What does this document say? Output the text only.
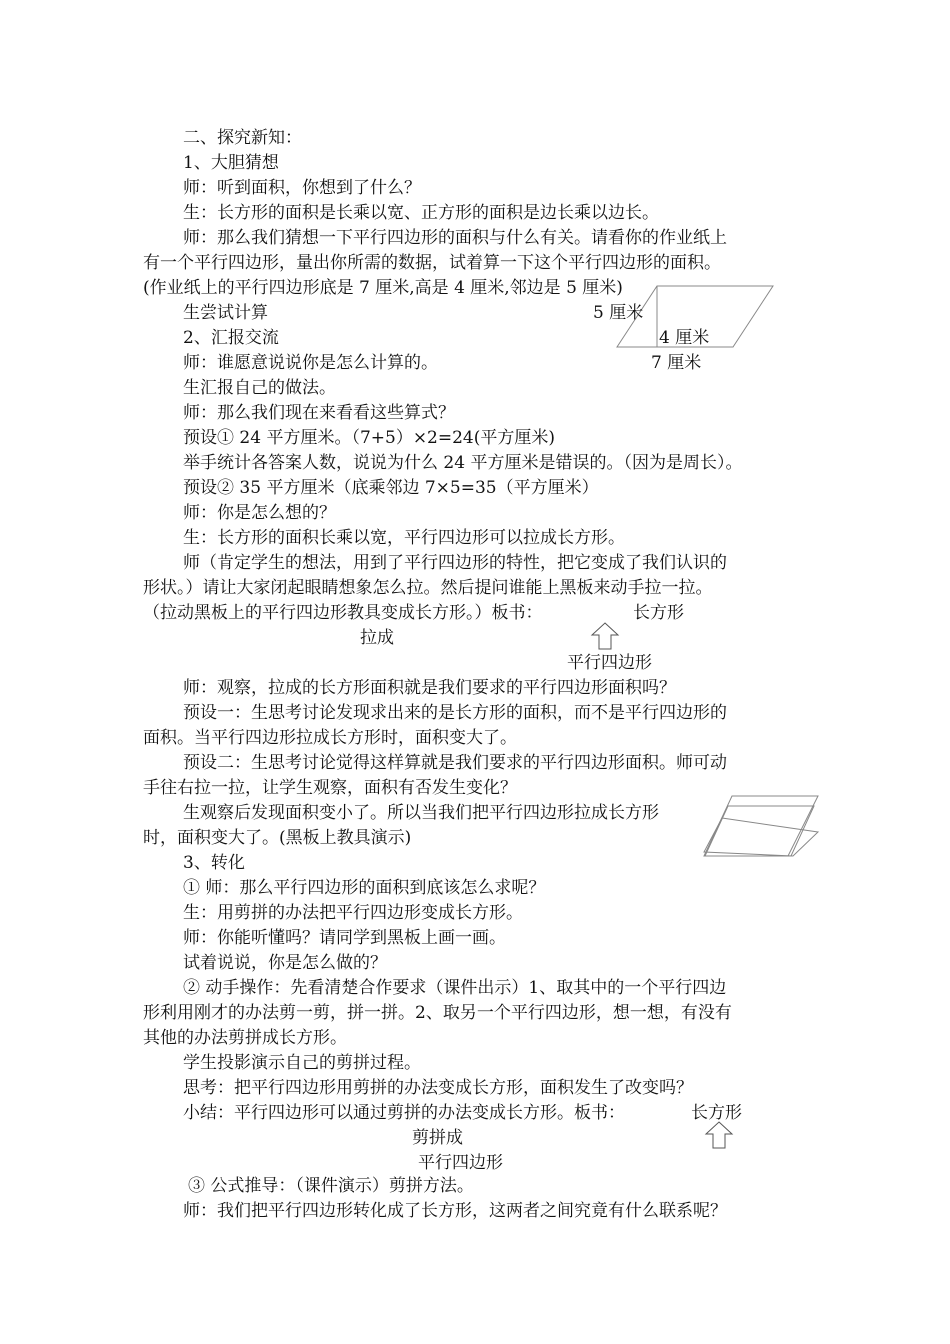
二、探究新知：
1、大胆猜想
师：听到面积，你想到了什么？
生：长方形的面积是长乘以宽、正方形的面积是边长乘以边长。
师：那么我们猜想一下平行四边形的面积与什么有关。请看你的作业纸上
有一个平行四边形，量出你所需的数据，试着算一下这个平行四边形的面积。
(作业纸上的平行四边形底是 7 厘米,高是 4 厘米,邻边是 5 厘米)
生尝试计算
2、汇报交流
师：谁愿意说说你是怎么计算的。
生汇报自己的做法。
师：那么我们现在来看看这些算式？
预设① 24 平方厘米。（7+5）×2=24(平方厘米)
举手统计各答案人数，说说为什么 24 平方厘米是错误的。（因为是周长）。
预设② 35 平方厘米（底乘邻边 7×5=35（平方厘米）
师：你是怎么想的？
生：长方形的面积长乘以宽，平行四边形可以拉成长方形。
师（肯定学生的想法，用到了平行四边形的特性，把它变成了我们认识的
形状。）请让大家闭起眼睛想象怎么拉。然后提问谁能上黑板来动手拉一拉。
（拉动黑板上的平行四边形教具变成长方形。）板书：	长方形
拉成
平行四边形
师：观察，拉成的长方形面积就是我们要求的平行四边形面积吗？
预设一：生思考讨论发现求出来的是长方形的面积，而不是平行四边形的
面积。当平行四边形拉成长方形时，面积变大了。
预设二：生思考讨论觉得这样算就是我们要求的平行四边形面积。师可动
手往右拉一拉，让学生观察，面积有否发生变化？
生观察后发现面积变小了。所以当我们把平行四边形拉成长方形
时，面积变大了。(黑板上教具演示)
3、转化
① 师：那么平行四边形的面积到底该怎么求呢？
生：用剪拼的办法把平行四边形变成长方形。
师：你能听懂吗？请同学到黑板上画一画。
试着说说，你是怎么做的？
② 动手操作：先看清楚合作要求（课件出示）1、取其中的一个平行四边
形利用刚才的办法剪一剪，拼一拼。2、取另一个平行四边形，想一想，有没有
其他的办法剪拼成长方形。
学生投影演示自己的剪拼过程。
思考：把平行四边形用剪拼的办法变成长方形，面积发生了改变吗？
小结：平行四边形可以通过剪拼的办法变成长方形。板书：	长方形
剪拼成
平行四边形
③ 公式推导：（课件演示）剪拼方法。
师：我们把平行四边形转化成了长方形，这两者之间究竟有什么联系呢？
5 厘米
4 厘米
7 厘米
